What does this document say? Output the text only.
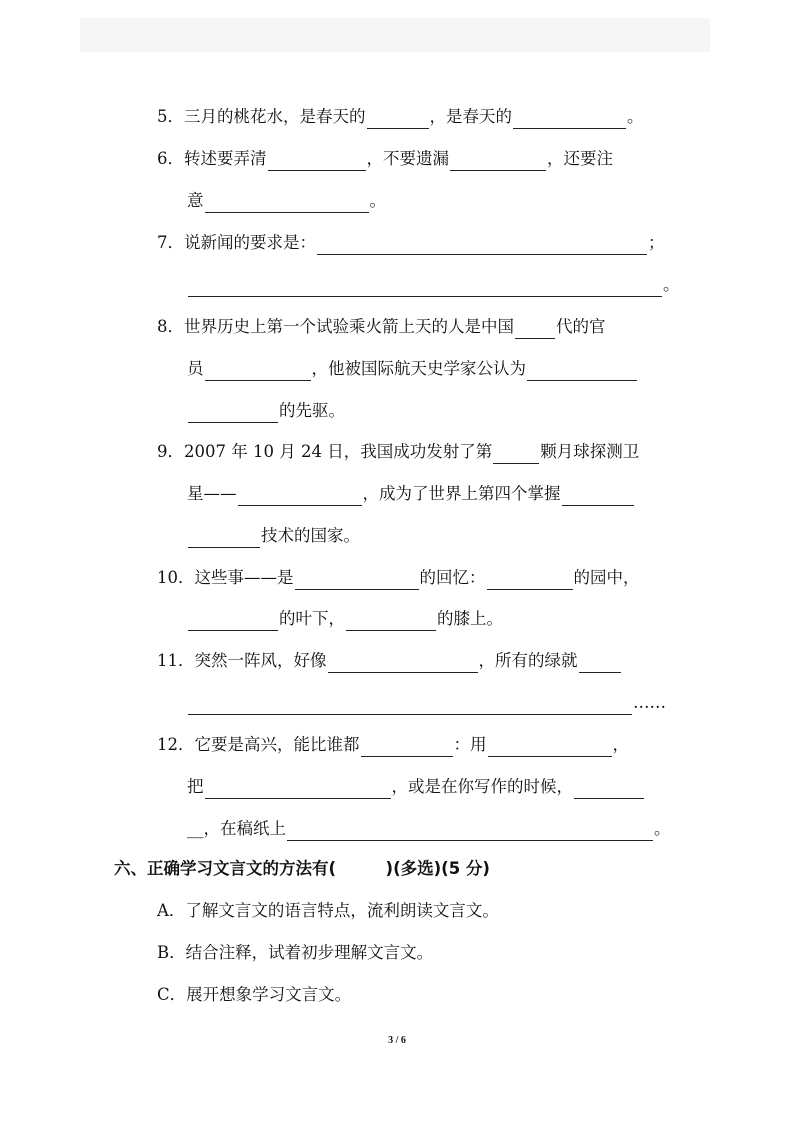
5．三月的桃花水，是春天的	，是春天的	。
6．转述要弄清	，不要遗漏	，还要注
意	。
7．说新闻的要求是：	；
。
8．世界历史上第一个试验乘火箭上天的人是中国	代的官
员	，他被国际航天史学家公认为
的先驱。
9．2007 年 10 月 24 日，我国成功发射了第	颗月球探测卫
星——	，成为了世界上第四个掌握
技术的国家。
10．这些事——是	的回忆：	的园中，
的叶下，	的膝上。
11．突然一阵风，好像	，所有的绿就
……
12．它要是高兴，能比谁都	：用	，
把	，或是在你写作的时候，
__，在稿纸上	。
六、正确学习文言文的方法有(　　　)(多选)(5 分)
A．了解文言文的语言特点，流利朗读文言文。
B．结合注释，试着初步理解文言文。
C．展开想象学习文言文。
3 / 6
